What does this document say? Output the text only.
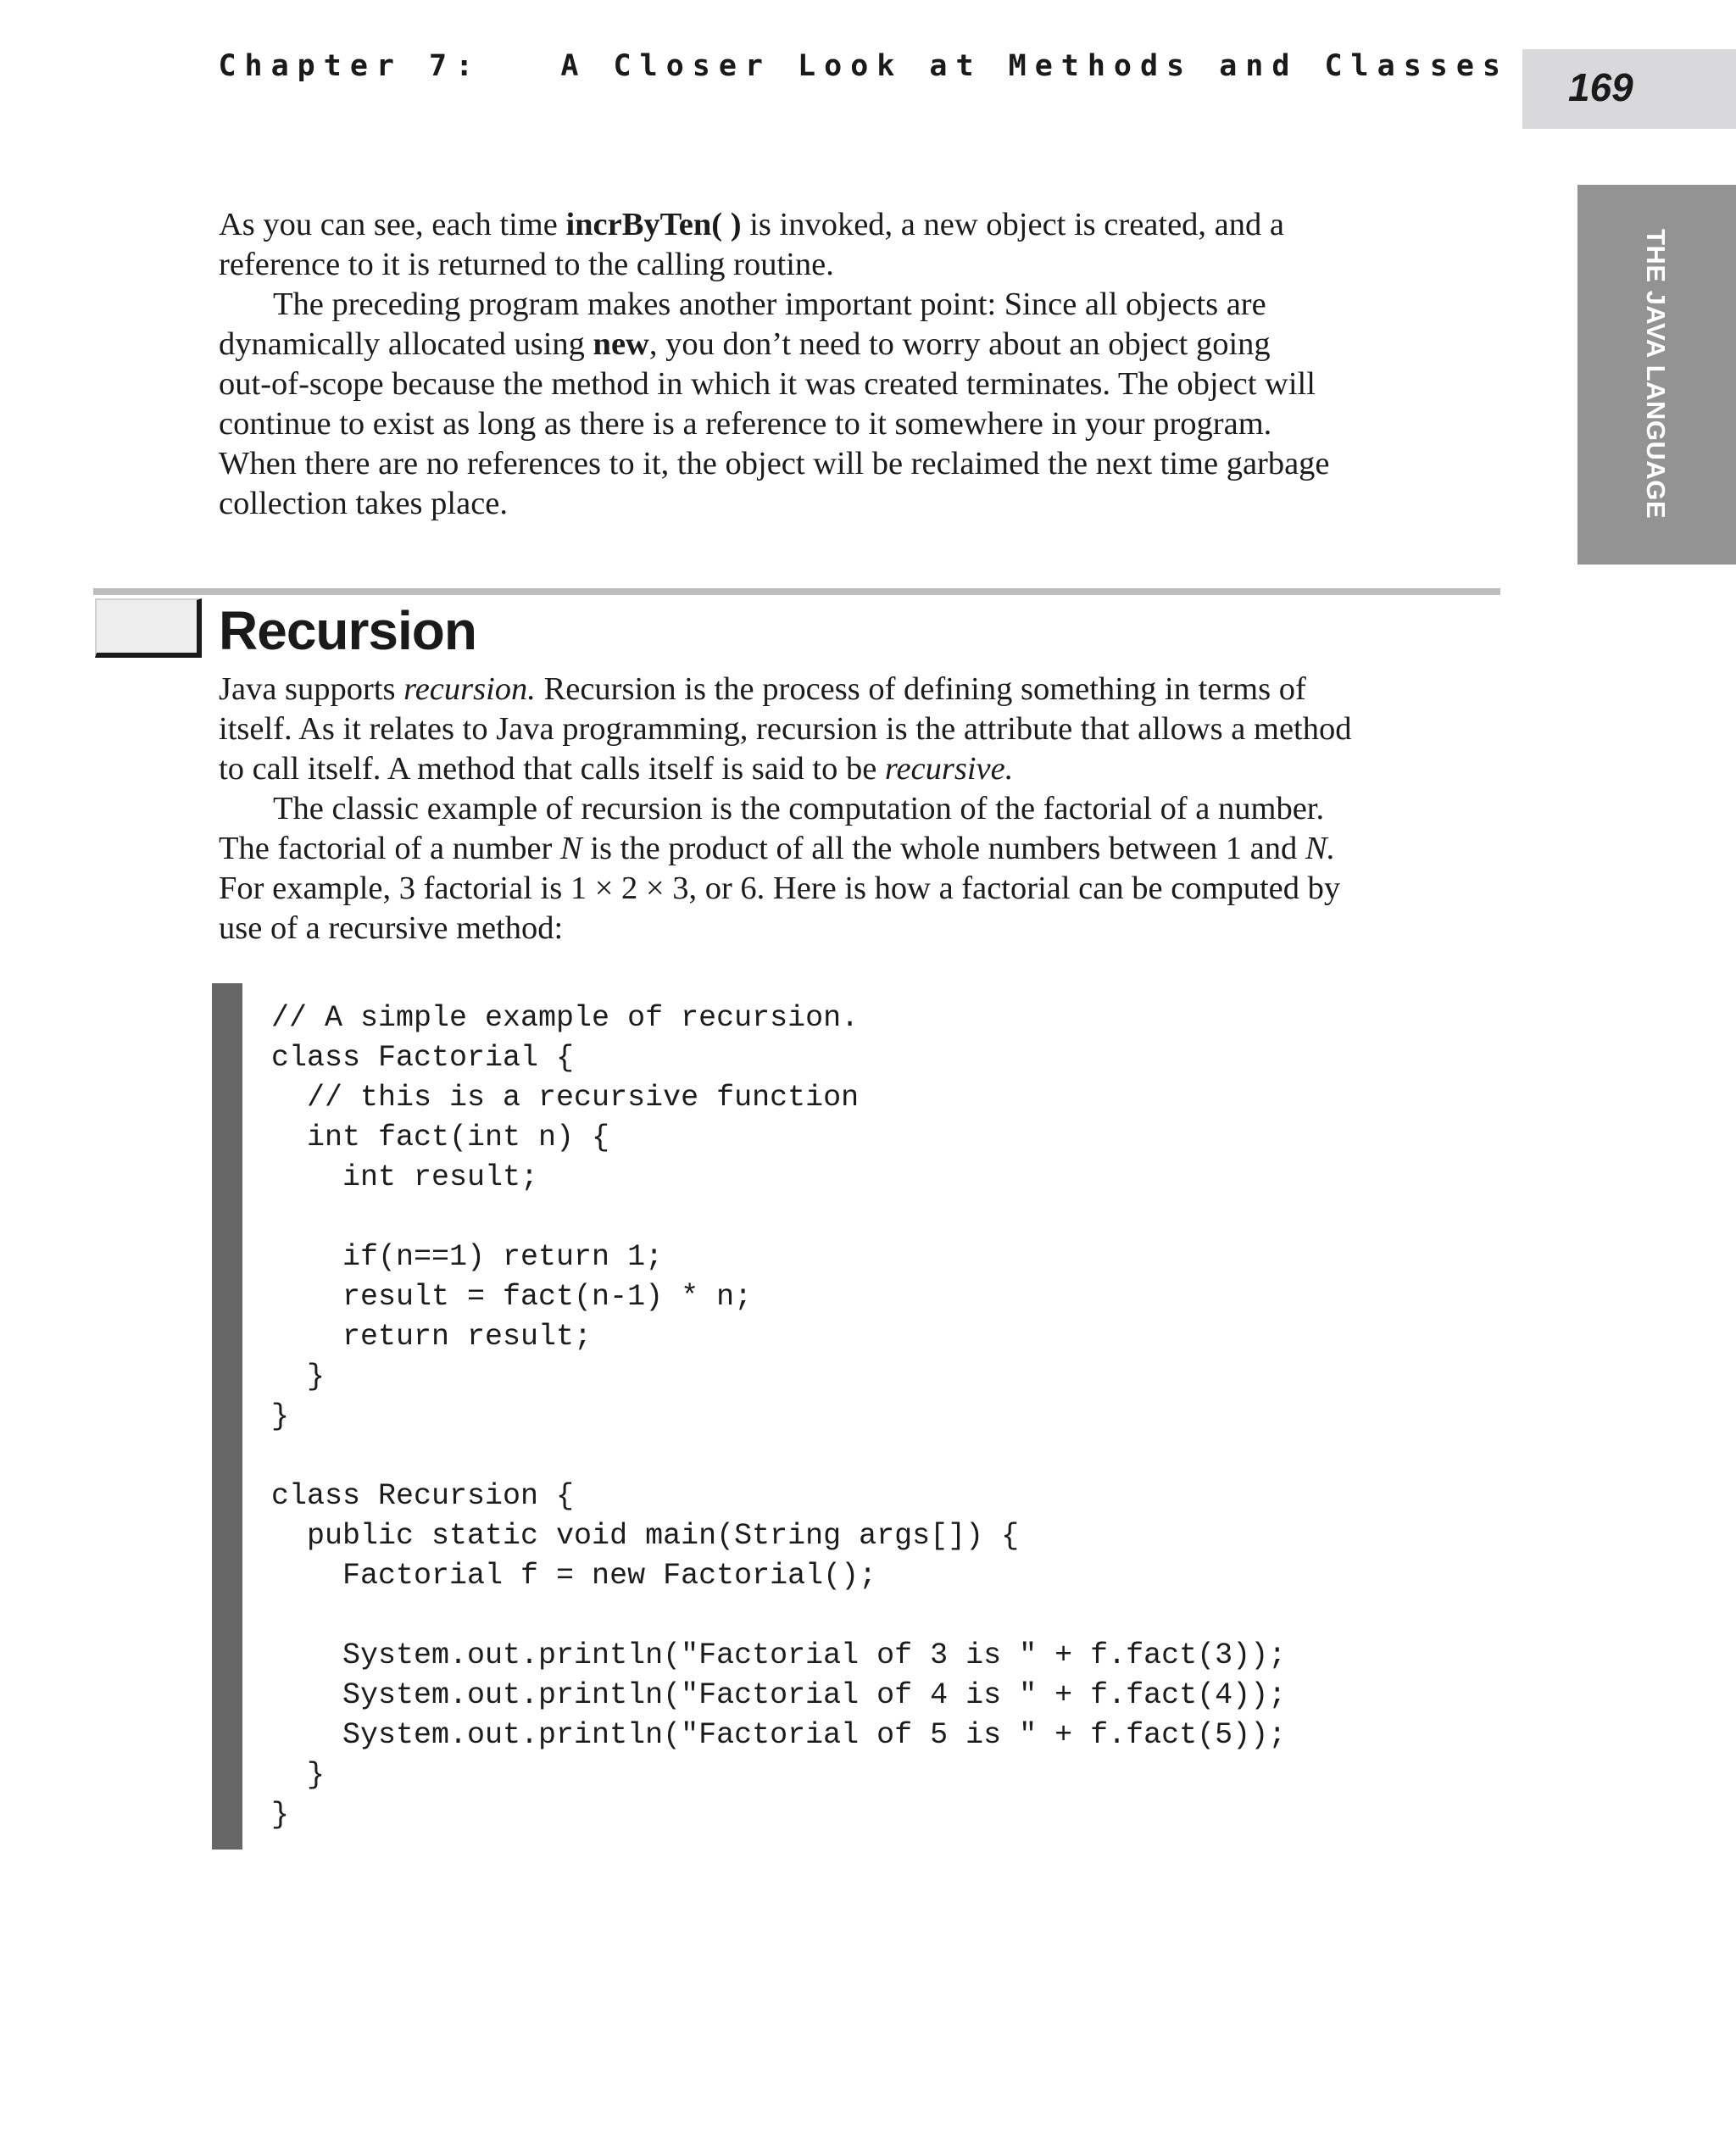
Chapter 7:   A Closer Look at Methods and Classes 169
THE JAVA LANGUAGE

As you can see, each time incrByTen( ) is invoked, a new object is created, and a
reference to it is returned to the calling routine.

The preceding program makes another important point: Since all objects are
dynamically allocated using new, you don’t need to worry about an object going
out-of-scope because the method in which it was created terminates. The object will
continue to exist as long as there is a reference to it somewhere in your program.
When there are no references to it, the object will be reclaimed the next time garbage
collection takes place.

Recursion

Java supports recursion. Recursion is the process of defining something in terms of
itself. As it relates to Java programming, recursion is the attribute that allows a method
to call itself. A method that calls itself is said to be recursive.

The classic example of recursion is the computation of the factorial of a number.
The factorial of a number N is the product of all the whole numbers between 1 and N.
For example, 3 factorial is 1 × 2 × 3, or 6. Here is how a factorial can be computed by
use of a recursive method:

// A simple example of recursion.
class Factorial {
// this is a recursive function
int fact(int n) {
int result;
if(n==1) return 1;
result = fact(n-1) * n;
return result;
}
}
class Recursion {
public static void main(String args[]) {
Factorial f = new Factorial();
System.out.println("Factorial of 3 is " + f.fact(3));
System.out.println("Factorial of 4 is " + f.fact(4));
System.out.println("Factorial of 5 is " + f.fact(5));
}
}
